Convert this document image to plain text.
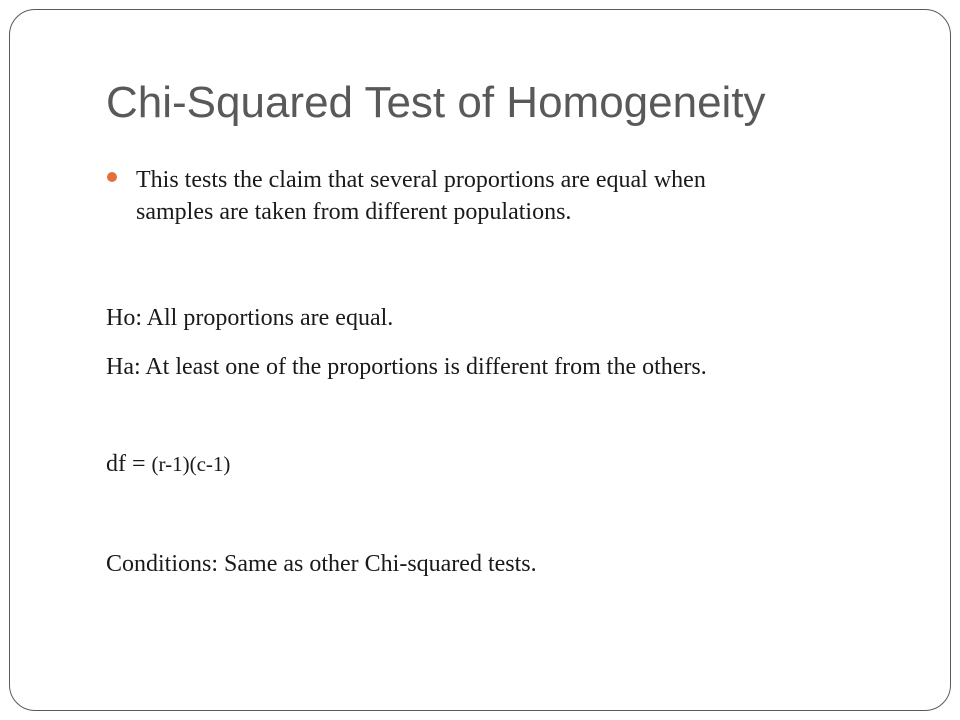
Chi-Squared Test of Homogeneity
This tests the claim that several proportions are equal when
samples are taken from different populations.
Ho: All proportions are equal.
Ha: At least one of the proportions is different from the others.
df = (r-1)(c-1)
Conditions: Same as other Chi-squared tests.
